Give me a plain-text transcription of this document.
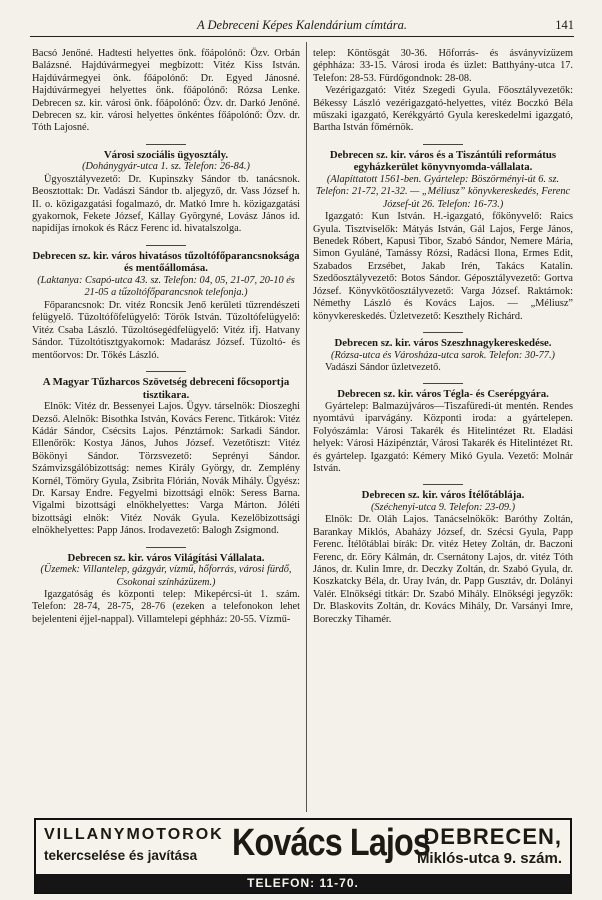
A Debreceni Képes Kalendárium címtára.	141

Bacsó Jenőné. Hadtesti helyettes önk. főápolónő: Özv. Orbán Balázsné. Hajdúvármegyei megbízott: Vitéz Kiss István. Hajdúvármegyei önk. főápolónő: Dr. Egyed Jánosné. Hajdúvármegyei helyettes önk. főápolónő: Rózsa Lenke. Debrecen sz. kir. városi önk. főápolónő: Özv. dr. Darkó Jenőné. Debrecen sz. kir. városi helyettes önkéntes főápolónő: Özv. dr. Tóth Lajosné.

Városi szociális ügyosztály.

(Dohánygyár-utca 1. sz. Telefon: 26-84.)

Ügyosztályvezető: Dr. Kupinszky Sándor tb. tanácsnok. Beosztottak: Dr. Vadászi Sándor tb. aljegyző, dr. Vass József h. II. o. közigazgatási fogalmazó, dr. Matkó Imre h. közigazgatási gyakornok, Fekete József, Kállay Györgyné, Lovász János id. napidíjas írnokok és Rácz Ferenc id. hivatalszolga.

Debrecen sz. kir. város hivatásos tűzoltófőparancsnoksága és mentőállomása.

(Laktanya: Csapó-utca 43. sz. Telefon: 04, 05, 21-07, 20-10 és 21-05 a tűzoltófőparancsnok telefonja.)

Főparancsnok: Dr. vitéz Roncsik Jenő kerületi tűzrendészeti felügyelő. Tűzoltófőfelügyelő: Török István. Tűzoltófelügyelő: Vitéz Csaba László. Tűzoltósegédfelügyelő: Vitéz ifj. Hatvany Sándor. Tűzoltótisztgyakornok: Madarász József. Tűzoltó- és mentőorvos: Dr. Tőkés László.

A Magyar Tűzharcos Szövetség debreceni főcsoportja tisztikara.

Elnök: Vitéz dr. Bessenyei Lajos. Ügyv. társelnök: Dioszeghi Dezső. Alelnök: Bisothka István, Kovács Ferenc. Titkárok: Vitéz Kádár Sándor, Csécsits Lajos. Pénztárnok: Sarkadi Sándor. Ellenőrök: Kostya János, Juhos József. Vezetőtiszt: Vitéz Bökönyi Sándor. Törzsvezető: Seprényi Sándor. Számvizsgálóbizottság: nemes Király György, dr. Zemplény Kornél, Tömöry Gyula, Zsibrita Flórián, Novák Mihály. Ügyész: Dr. Karsay Endre. Fegyelmi bizottsági elnök: Seress Barna. Vigalmi bizottsági elnökhelyettes: Varga Márton. Jóléti bizottsági elnök: Vitéz Novák Gyula. Kezelőbizottsági elnökhelyettes: Papp János. Irodavezető: Balogh Zsigmond.

Debrecen sz. kir. város Világítási Vállalata.

(Üzemek: Villantelep, gázgyár, vízmű, hőforrás, városi fürdő, Csokonai színházüzem.)

Igazgatóság és központi telep: Mikepércsi-út 1. szám. Telefon: 28-74, 28-75, 28-76 (ezeken a telefonokon lehet bejelenteni éjjel-nappal). Villamtelepi géphház: 20-55. Vízmű-

telep: Köntösgát 30-36. Hőforrás- és ásványvízüzem géphháza: 33-15. Városi iroda és üzlet: Batthyány-utca 17. Telefon: 28-53. Fürdőgondnok: 28-08.

Vezérigazgató: Vitéz Szegedi Gyula. Főosztályvezetők: Békessy László vezérigazgató-helyettes, vitéz Boczkó Béla műszaki igazgató, Kerékgyártó Gyula kereskedelmi igazgató, Bartha István főmérnök.

Debrecen sz. kir. város és a Tiszántúli református egyházkerület könyvnyomda-vállalata.

(Alapíttatott 1561-ben. Gyártelep: Böszörményi-út 6. sz. Telefon: 21-72, 21-32. — „Méliusz” könyvkereskedés, Ferenc József-út 26. Telefon: 16-73.)

Igazgató: Kun István. H.-igazgató, főkönyvelő: Raics Gyula. Tisztviselők: Mátyás István, Gál Lajos, Ferge János, Benedek Róbert, Kapusi Tibor, Szabó Sándor, Nemere Mária, Simon Gyuláné, Tamássy Rózsi, Radácsi Ilona, Ermes Edit, Szabados Erzsébet, Jakab Irén, Takács Katalin. Szedőosztályvezető: Botos Sándor. Géposztályvezető: Gortva József. Könyvkötőosztályvezető: Varga József. Raktárnok: Némethy László és Kovács Lajos. — „Méliusz” könyvkereskedés. Üzletvezető: Keszthely Richárd.

Debrecen sz. kir. város Szeszhnagykereskedése.

(Rózsa-utca és Városháza-utca sarok. Telefon: 30-77.)

Vadászi Sándor üzletvezető.

Debrecen sz. kir. város Tégla- és Cserépgyára.

Gyártelep: Balmazújváros—Tiszafüredi-út mentén. Rendes nyomtávú iparvágány. Központi iroda: a gyártelepen. Folyószámla: Városi Takarék és Hitelintézet Rt. Eladási helyek: Városi Házipénztár, Városi Takarék és Hitelintézet Rt. és gyártelep. Igazgató: Kémery Mikó Gyula. Vezető: Molnár István.

Debrecen sz. kir. város Ítélőtáblája.

(Széchenyi-utca 9. Telefon: 23-09.)

Elnök: Dr. Oláh Lajos. Tanácselnökök: Baróthy Zoltán, Barankay Miklós, Abaházy József, dr. Szécsi Gyula, Papp Ferenc. Ítélőtáblai bírák: Dr. vitéz Hetey Zoltán, dr. Baczoni Ferenc, dr. Eöry Kálmán, dr. Csernátony Lajos, dr. vitéz Tóth János, dr. Kulin Imre, dr. Deczky Zoltán, dr. Szabó Gyula, dr. Koszkatcky Béla, dr. Uray Iván, dr. Papp Gusztáv, dr. Dolányi Valér. Elnökségi titkár: Dr. Szabó Mihály. Elnökségi jegyzők: Dr. Blaskovits Zoltán, dr. Kovács Mihály, Dr. Varsányi Imre, Boreczky Tihamér.

VILLANYMOTOROK
tekercselése és javítása Kovács Lajos
DEBRECEN,
Miklós-utca 9. szám.
TELEFON: 11-70.
